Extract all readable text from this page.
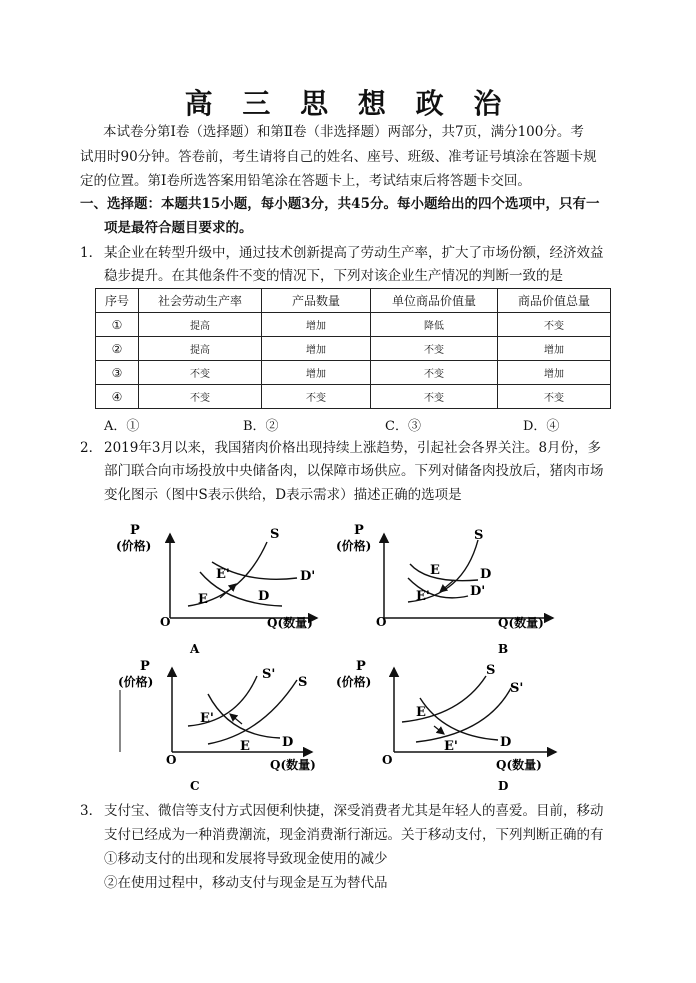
高 三 思 想 政 治
本试卷分第Ⅰ卷（选择题）和第Ⅱ卷（非选择题）两部分，共7页，满分100分。考
试用时90分钟。答卷前，考生请将自己的姓名、座号、班级、准考证号填涂在答题卡规
定的位置。第Ⅰ卷所选答案用铅笔涂在答题卡上，考试结束后将答题卡交回。
一、选择题：本题共15小题，每小题3分，共45分。每小题给出的四个选项中，只有一
项是最符合题目要求的。
1． 某企业在转型升级中，通过技术创新提高了劳动生产率，扩大了市场份额，经济效益
稳步提升。在其他条件不变的情况下，下列对该企业生产情况的判断一致的是
序号	社会劳动生产率	产品数量	单位商品价值量	商品价值总量
①	提高	增加	降低	不变
②	提高	增加	不变	增加
③	不变	增加	不变	增加
④	不变	不变	不变	不变
A．①	B．②	C．③	D．④
2． 2019年3月以来，我国猪肉价格出现持续上涨趋势，引起社会各界关注。8月份，多
部门联合向市场投放中央储备肉，以保障市场供应。下列对储备肉投放后，猪肉市场
变化图示（图中S表示供给，D表示需求）描述正确的选项是
P
(价格)
S
D'
D
E'
E
O	Q(数量)
A
P
(价格)
S
D
D'
E
E'
O	Q(数量)
B
P
(价格)	S'
S
D
E'
E
O	Q(数量)
C
P
(价格)
S
S'
D
E
E'
O	Q(数量)
D
3． 支付宝、微信等支付方式因便利快捷，深受消费者尤其是年轻人的喜爱。目前，移动
支付已经成为一种消费潮流，现金消费渐行渐远。关于移动支付，下列判断正确的有
①移动支付的出现和发展将导致现金使用的减少
②在使用过程中，移动支付与现金是互为替代品
